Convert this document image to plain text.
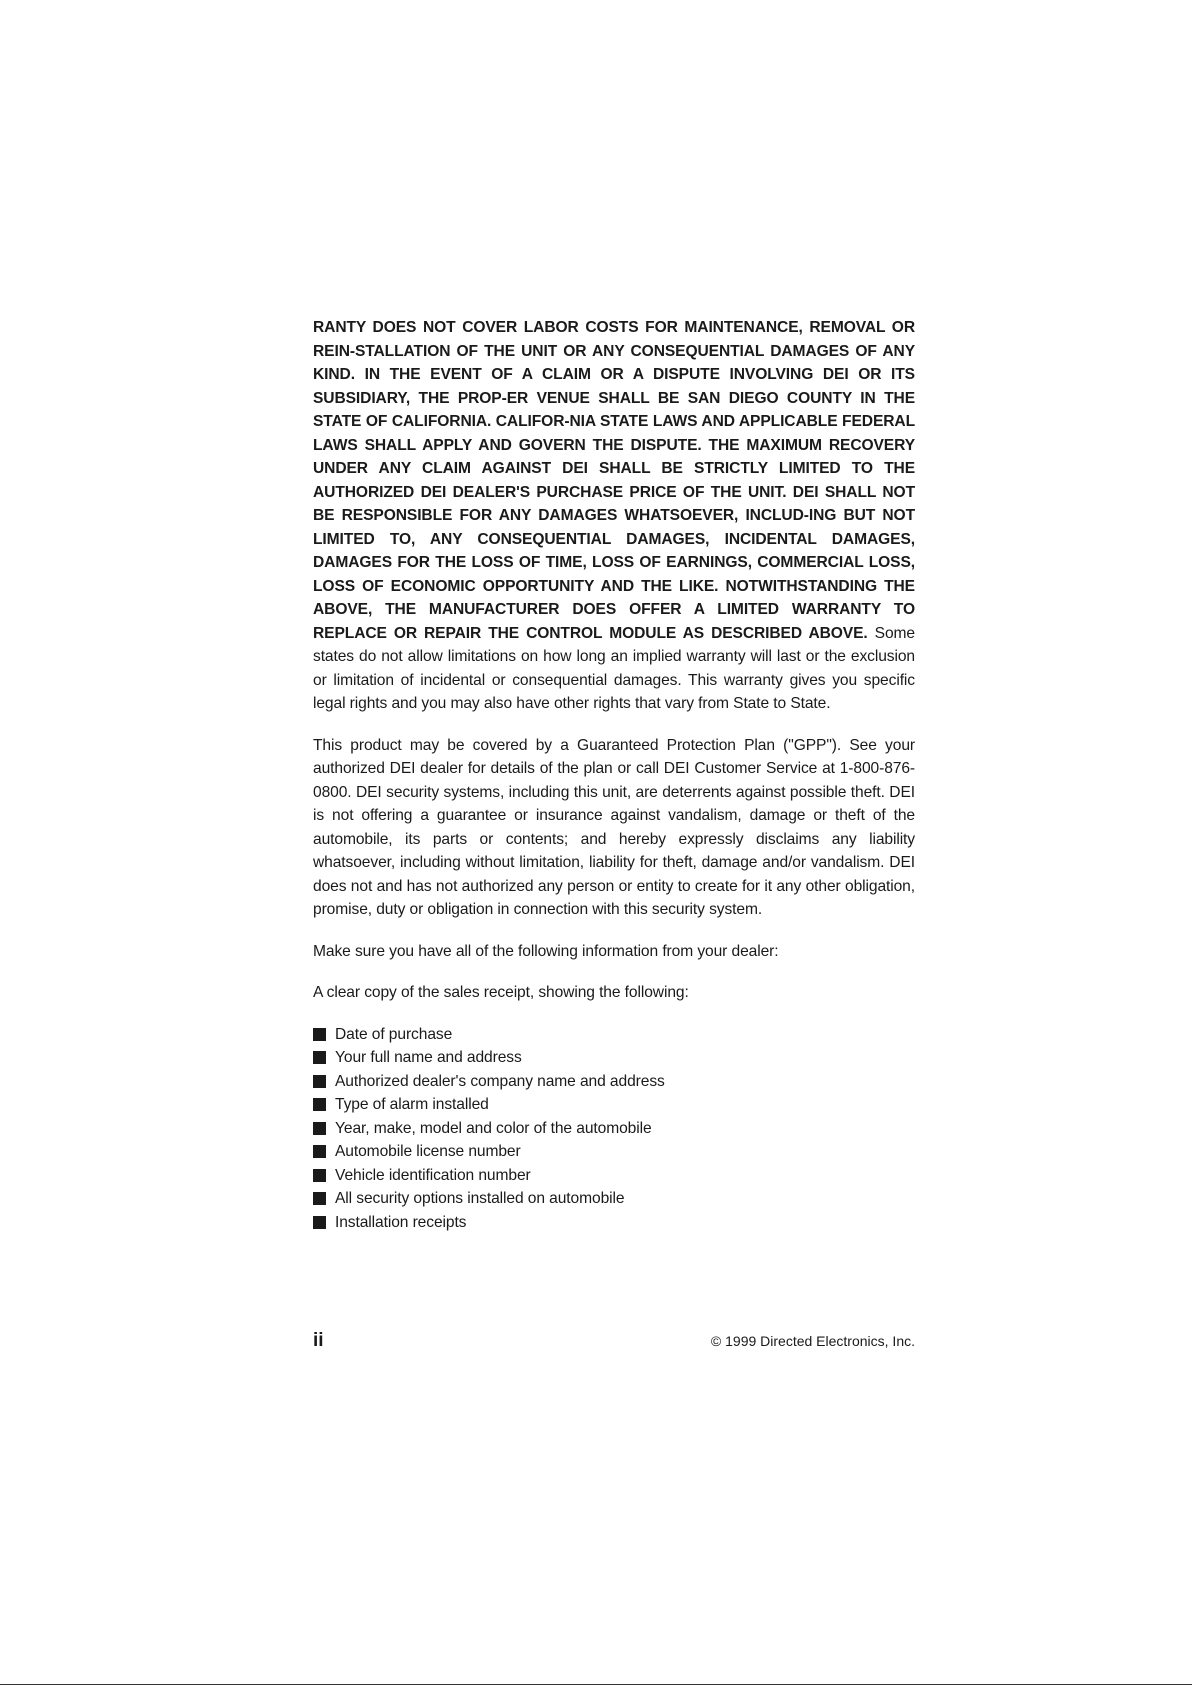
RANTY DOES NOT COVER LABOR COSTS FOR MAINTENANCE, REMOVAL OR REIN-STALLATION OF THE UNIT OR ANY CONSEQUENTIAL DAMAGES OF ANY KIND. IN THE EVENT OF A CLAIM OR A DISPUTE INVOLVING DEI OR ITS SUBSIDIARY, THE PROP-ER VENUE SHALL BE SAN DIEGO COUNTY IN THE STATE OF CALIFORNIA. CALIFOR-NIA STATE LAWS AND APPLICABLE FEDERAL LAWS SHALL APPLY AND GOVERN THE DISPUTE. THE MAXIMUM RECOVERY UNDER ANY CLAIM AGAINST DEI SHALL BE STRICTLY LIMITED TO THE AUTHORIZED DEI DEALER'S PURCHASE PRICE OF THE UNIT. DEI SHALL NOT BE RESPONSIBLE FOR ANY DAMAGES WHATSOEVER, INCLUD-ING BUT NOT LIMITED TO, ANY CONSEQUENTIAL DAMAGES, INCIDENTAL DAMAGES, DAMAGES FOR THE LOSS OF TIME, LOSS OF EARNINGS, COMMERCIAL LOSS, LOSS OF ECONOMIC OPPORTUNITY AND THE LIKE. NOTWITHSTANDING THE ABOVE, THE MANUFACTURER DOES OFFER A LIMITED WARRANTY TO REPLACE OR REPAIR THE CONTROL MODULE AS DESCRIBED ABOVE. Some states do not allow limitations on how long an implied warranty will last or the exclusion or limitation of incidental or consequential damages. This warranty gives you specific legal rights and you may also have other rights that vary from State to State.

This product may be covered by a Guaranteed Protection Plan ("GPP"). See your authorized DEI dealer for details of the plan or call DEI Customer Service at 1-800-876-0800. DEI security systems, including this unit, are deterrents against possible theft. DEI is not offering a guarantee or insurance against vandalism, damage or theft of the automobile, its parts or contents; and hereby expressly disclaims any liability whatsoever, including without limitation, liability for theft, damage and/or vandalism. DEI does not and has not authorized any person or entity to create for it any other obligation, promise, duty or obligation in connection with this security system.

Make sure you have all of the following information from your dealer:

A clear copy of the sales receipt, showing the following:

Date of purchase
Your full name and address
Authorized dealer's company name and address
Type of alarm installed
Year, make, model and color of the automobile
Automobile license number
Vehicle identification number
All security options installed on automobile
Installation receipts
ii	© 1999 Directed Electronics, Inc.
